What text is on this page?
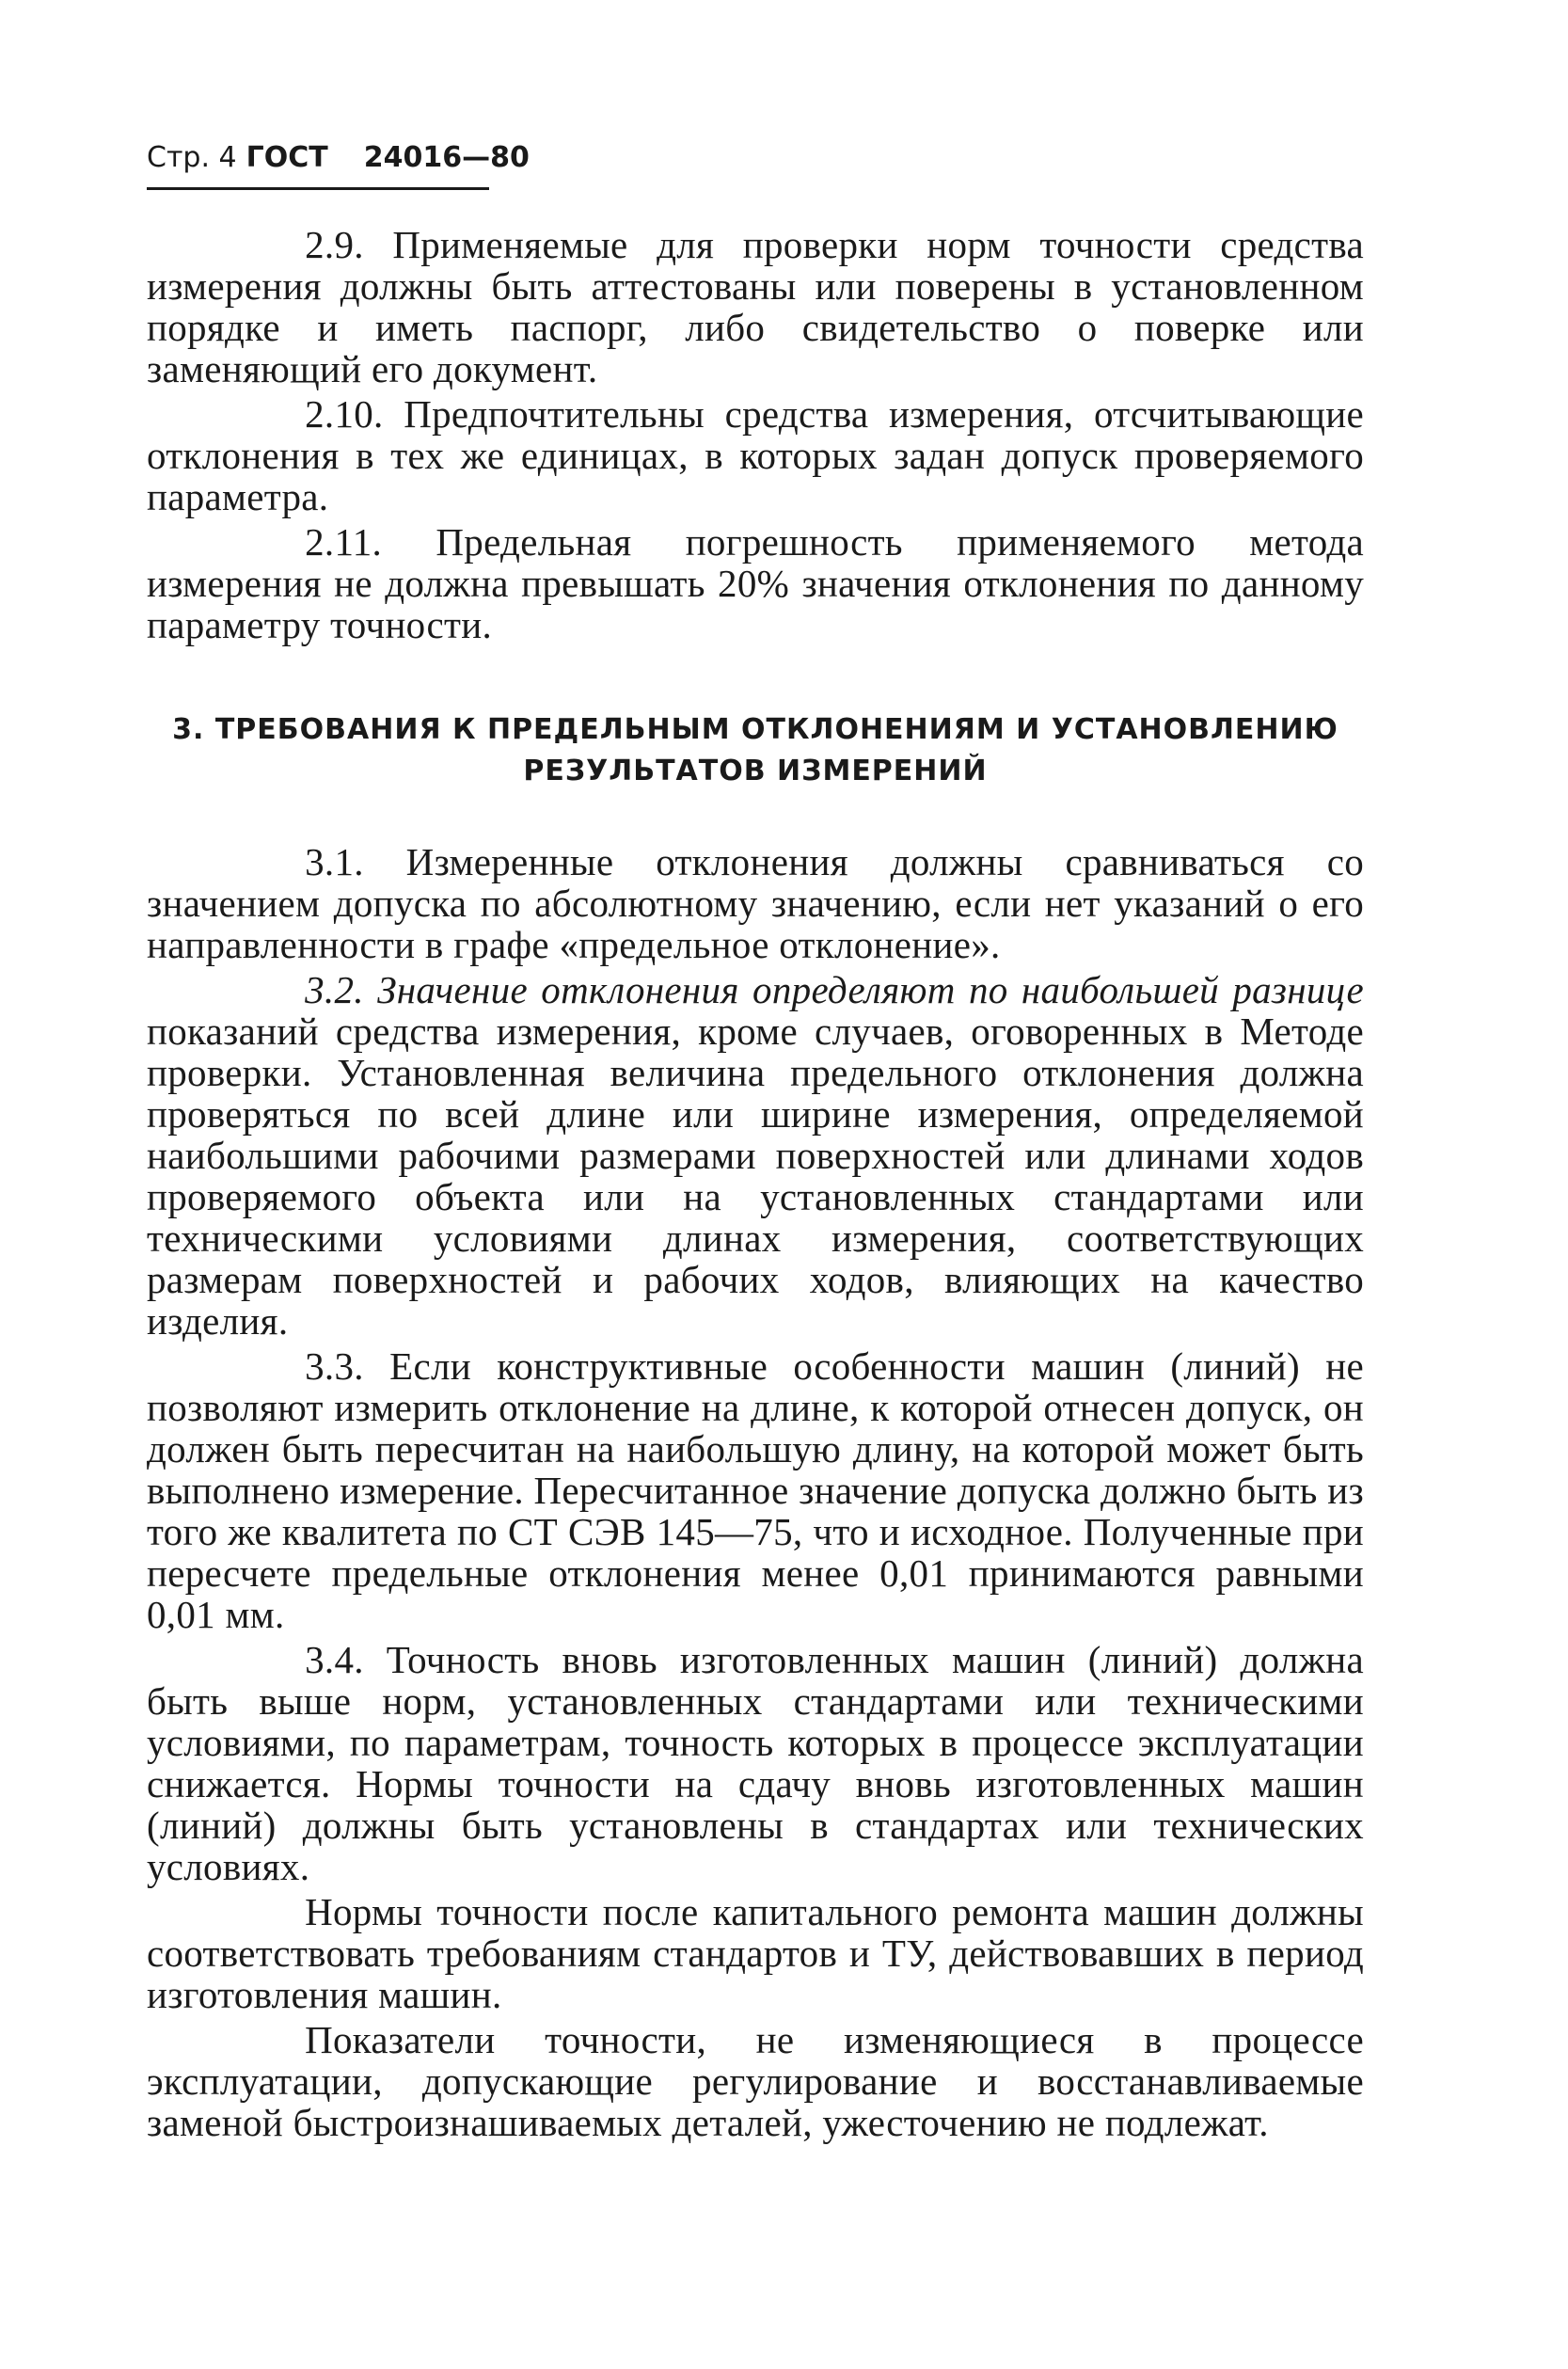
Стр. 4 ГОСТ 24016—80

2.9. Применяемые для проверки норм точности средства измерения должны быть аттестованы или поверены в установленном порядке и иметь паспорг, либо свидетельство о поверке или заменяющий его документ.

2.10. Предпочтительны средства измерения, отсчитывающие отклонения в тех же единицах, в которых задан допуск проверяемого параметра.

2.11. Предельная погрешность применяемого метода измерения не должна превышать 20% значения отклонения по данному параметру точности.

3. ТРЕБОВАНИЯ К ПРЕДЕЛЬНЫМ ОТКЛОНЕНИЯМ И УСТАНОВЛЕНИЮ
РЕЗУЛЬТАТОВ ИЗМЕРЕНИЙ

3.1. Измеренные отклонения должны сравниваться со значением допуска по абсолютному значению, если нет указаний о его направленности в графе «предельное отклонение».

3.2. Значение отклонения определяют по наибольшей разнице показаний средства измерения, кроме случаев, оговоренных в Методе проверки. Установленная величина предельного отклонения должна проверяться по всей длине или ширине измерения, определяемой наибольшими рабочими размерами поверхностей или длинами ходов проверяемого объекта или на установленных стандартами или техническими условиями длинах измерения, соответствующих размерам поверхностей и рабочих ходов, влияющих на качество изделия.

3.3. Если конструктивные особенности машин (линий) не позволяют измерить отклонение на длине, к которой отнесен допуск, он должен быть пересчитан на наибольшую длину, на которой может быть выполнено измерение. Пересчитанное значение допуска должно быть из того же квалитета по СТ СЭВ 145—75, что и исходное. Полученные при пересчете предельные отклонения менее 0,01 принимаются равными 0,01 мм.

3.4. Точность вновь изготовленных машин (линий) должна быть выше норм, установленных стандартами или техническими условиями, по параметрам, точность которых в процессе эксплуатации снижается. Нормы точности на сдачу вновь изготовленных машин (линий) должны быть установлены в стандартах или технических условиях.

Нормы точности после капитального ремонта машин должны соответствовать требованиям стандартов и ТУ, действовавших в период изготовления машин.

Показатели точности, не изменяющиеся в процессе эксплуатации, допускающие регулирование и восстанавливаемые заменой быстроизнашиваемых деталей, ужесточению не подлежат.
